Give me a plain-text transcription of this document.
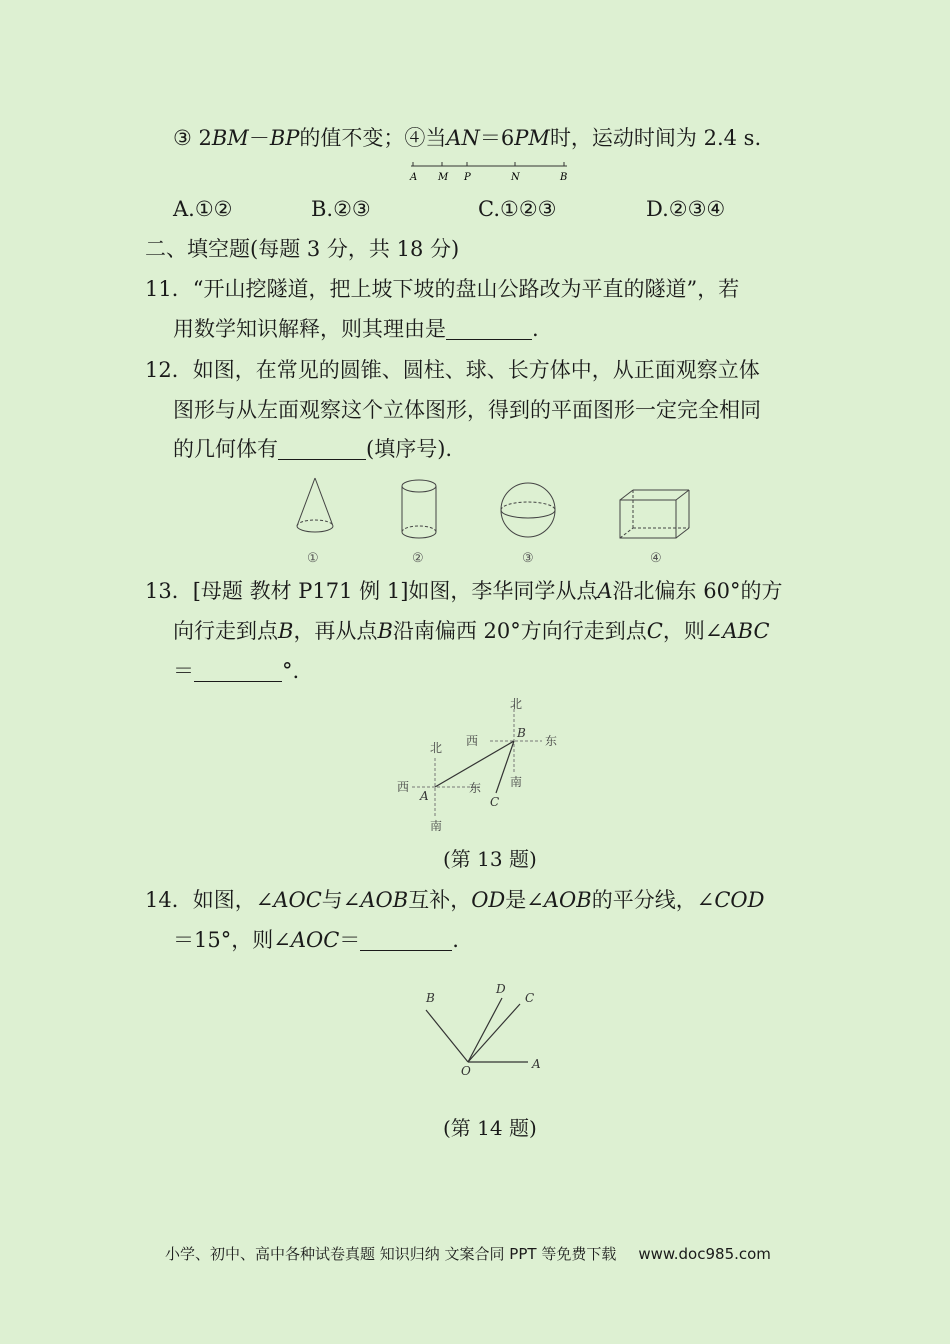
③ 2BM－BP的值不变；④当AN＝6PM时，运动时间为 2.4 s.
A M P	N	B
A.①②	B.②③	C.①②③	D.②③④
二、填空题(每题 3 分，共 18 分)
11．“开山挖隧道，把上坡下坡的盘山公路改为平直的隧道”，若
用数学知识解释，则其理由是	.
12．如图，在常见的圆锥、圆柱、球、长方体中，从正面观察立体
图形与从左面观察这个立体图形，得到的平面图形一定完全相同
的几何体有	(填序号).
①	②	③	④
13．[母题 教材 P171 例 1]如图，李华同学从点A沿北偏东 60°的方
向行走到点B，再从点B沿南偏西 20°方向行走到点C，则∠ABC
＝	°.
北
西
A
东
南
北
西
B
东
南
C
(第 13 题)
14．如图，∠AOC与∠AOB互补，OD是∠AOB的平分线，∠COD
＝15°，则∠AOC＝	.
B
D
C
O	A
(第 14 题)
小学、初中、高中各种试卷真题 知识归纳 文案合同 PPT 等免费下载 www.doc985.com
